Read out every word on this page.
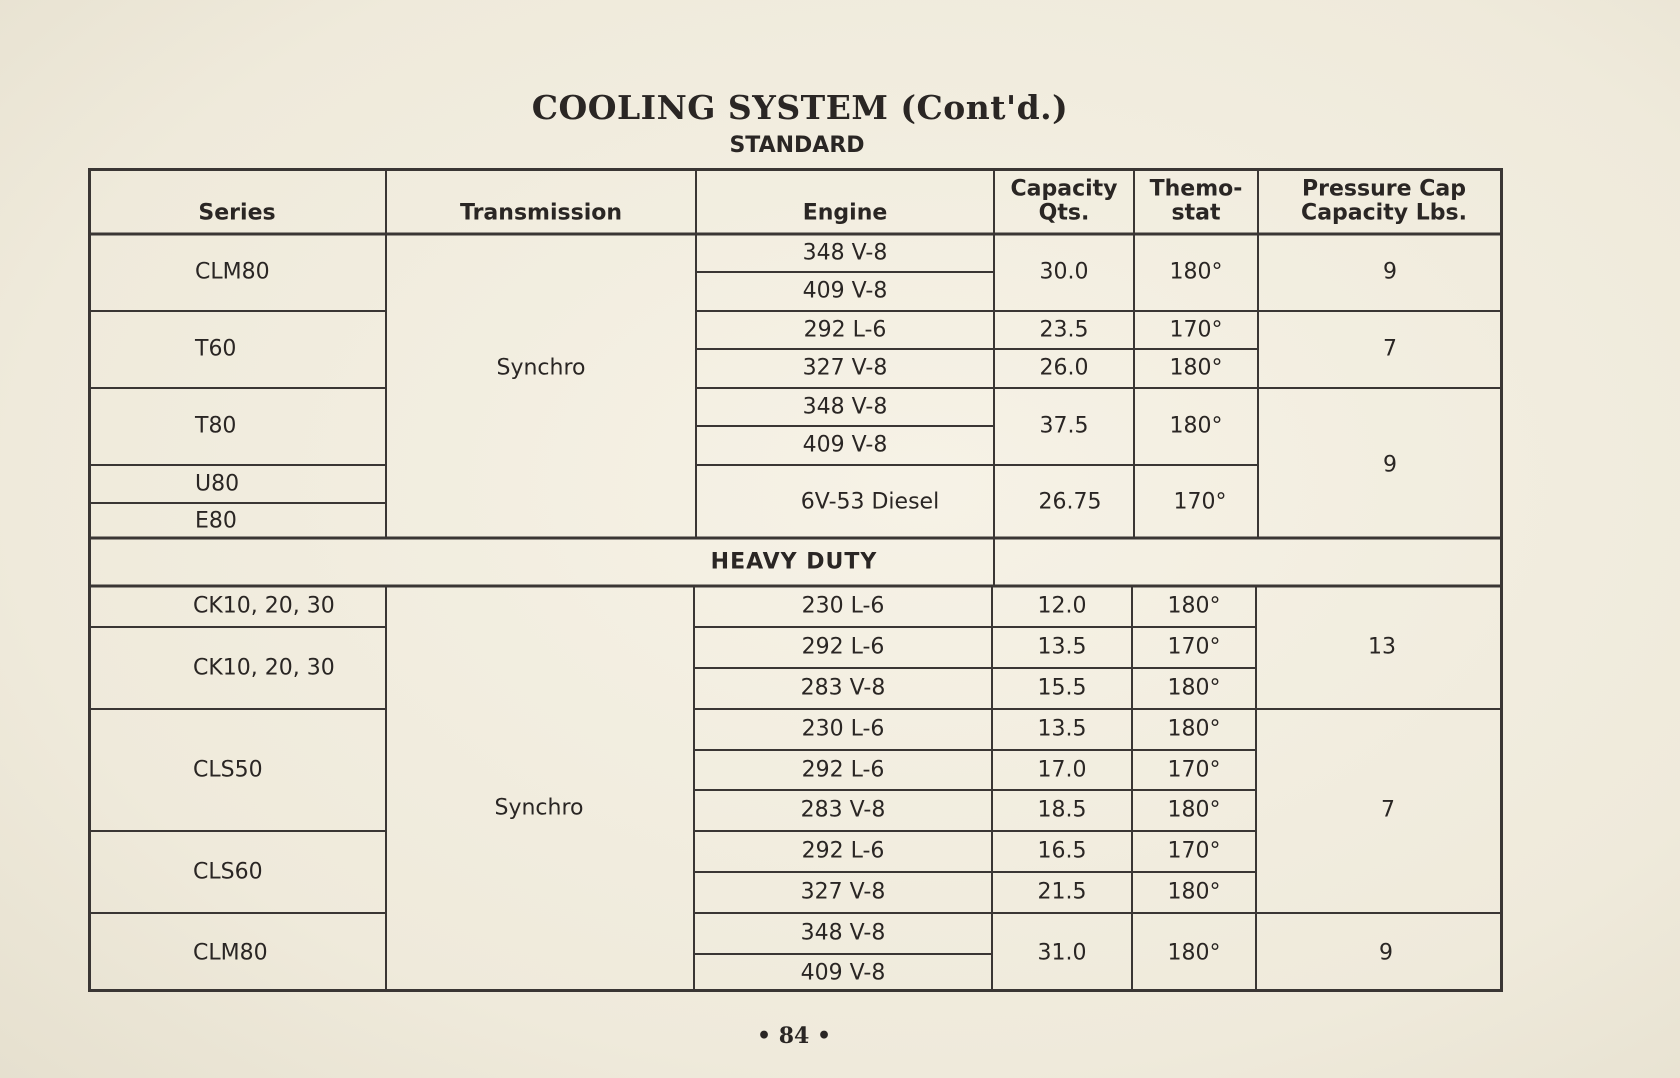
COOLING SYSTEM (Cont'd.)
STANDARD
Series	Transmission	Engine
Capacity
Qts.
Themo-
stat
Pressure Cap
Capacity Lbs.
CLM80
T60
T80
U80
E80
Synchro
348 V-8
409 V-8
292 L-6
327 V-8
348 V-8
409 V-8
6V-53 Diesel
30.0
23.5
26.0
37.5
26.75
180°
170°
180°
180°
170°
9
7
9
HEAVY DUTY
CK10, 20, 30
CK10, 20, 30
CLS50
CLS60
CLM80
Synchro
230 L-6
292 L-6
283 V-8
230 L-6
292 L-6
283 V-8
292 L-6
327 V-8
348 V-8
409 V-8
12.0
13.5
15.5
13.5
17.0
18.5
16.5
21.5
31.0
180°
170°
180°
180°
170°
180°
170°
180°
180°
13
7
9
• 84 •
